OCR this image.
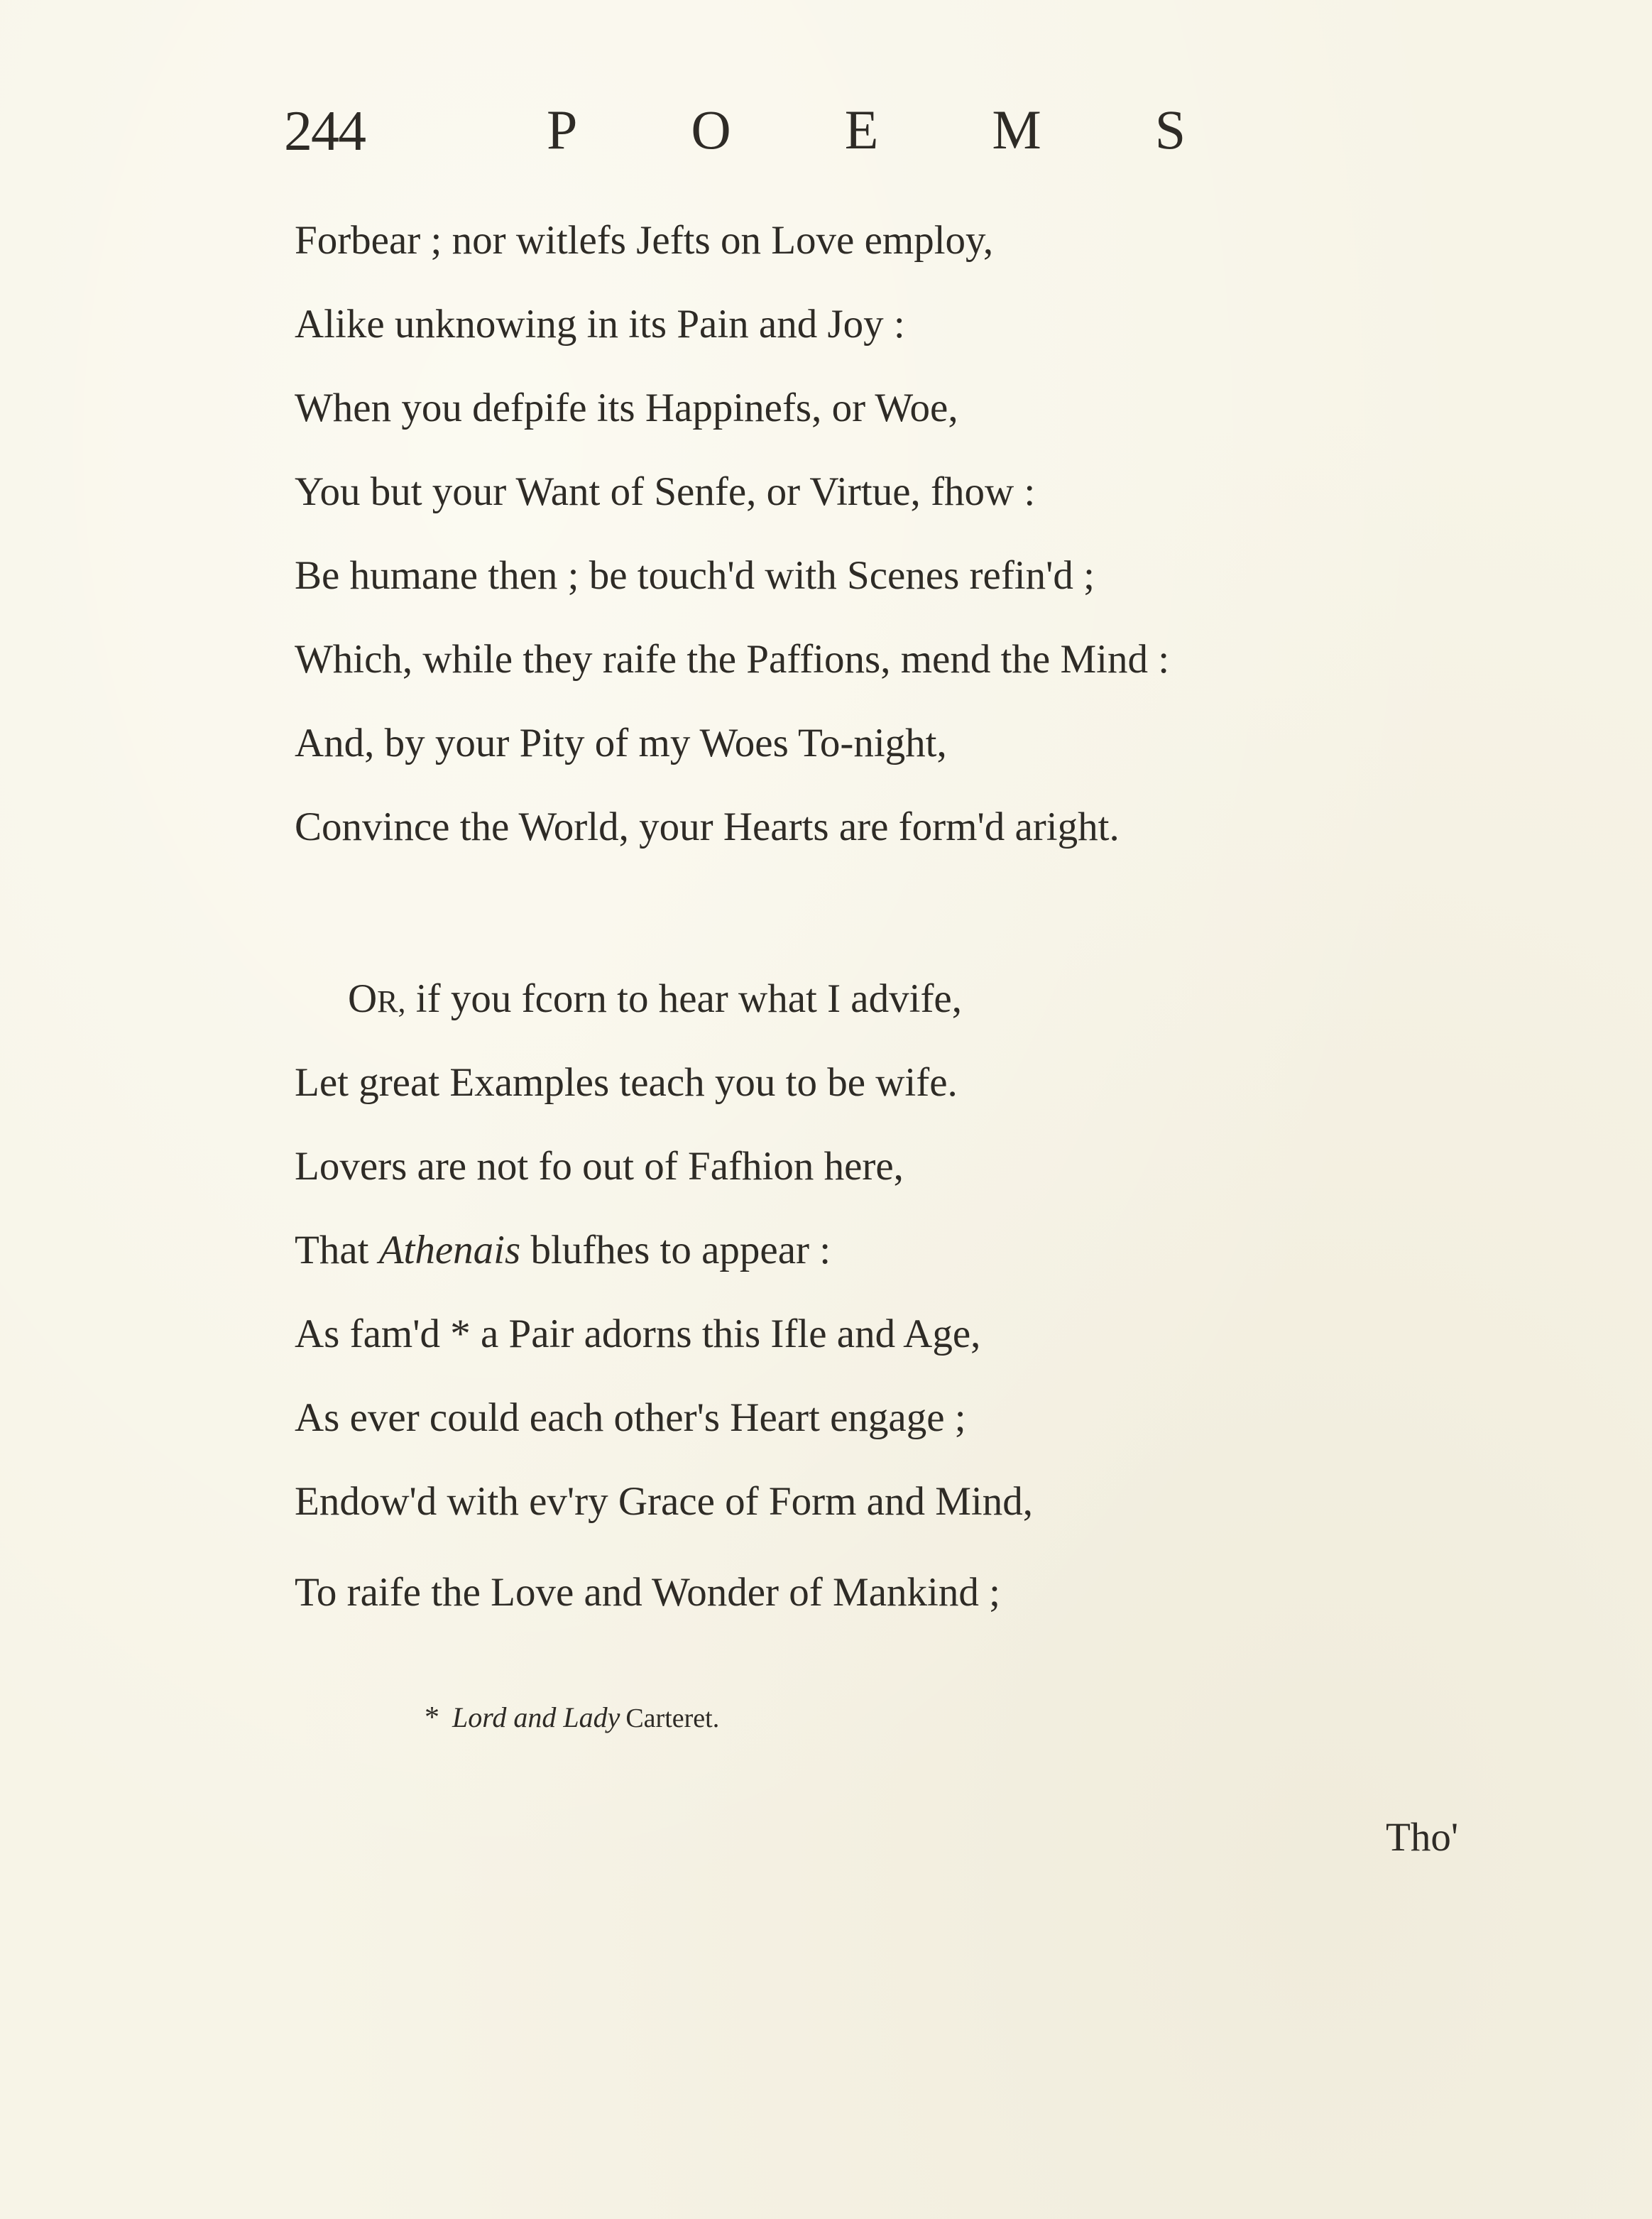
244	POEMS
Forbear ; nor witlefs Jefts on Love employ,
Alike unknowing in its Pain and Joy :
When you defpife its Happinefs, or Woe,
You but your Want of Senfe, or Virtue, fhow :
Be humane then ; be touch'd with Scenes refin'd ;
Which, while they raife the Paffions, mend the Mind :
And, by your Pity of my Woes To-night,
Convince the World, your Hearts are form'd aright.
OR, if you fcorn to hear what I advife,
Let great Examples teach you to be wife.
Lovers are not fo out of Fafhion here,
That Athenais blufhes to appear :
As fam'd * a Pair adorns this Ifle and Age,
As ever could each other's Heart engage ;
Endow'd with ev'ry Grace of Form and Mind,
To raife the Love and Wonder of Mankind ;
* Lord and Lady Carteret.
Tho'
